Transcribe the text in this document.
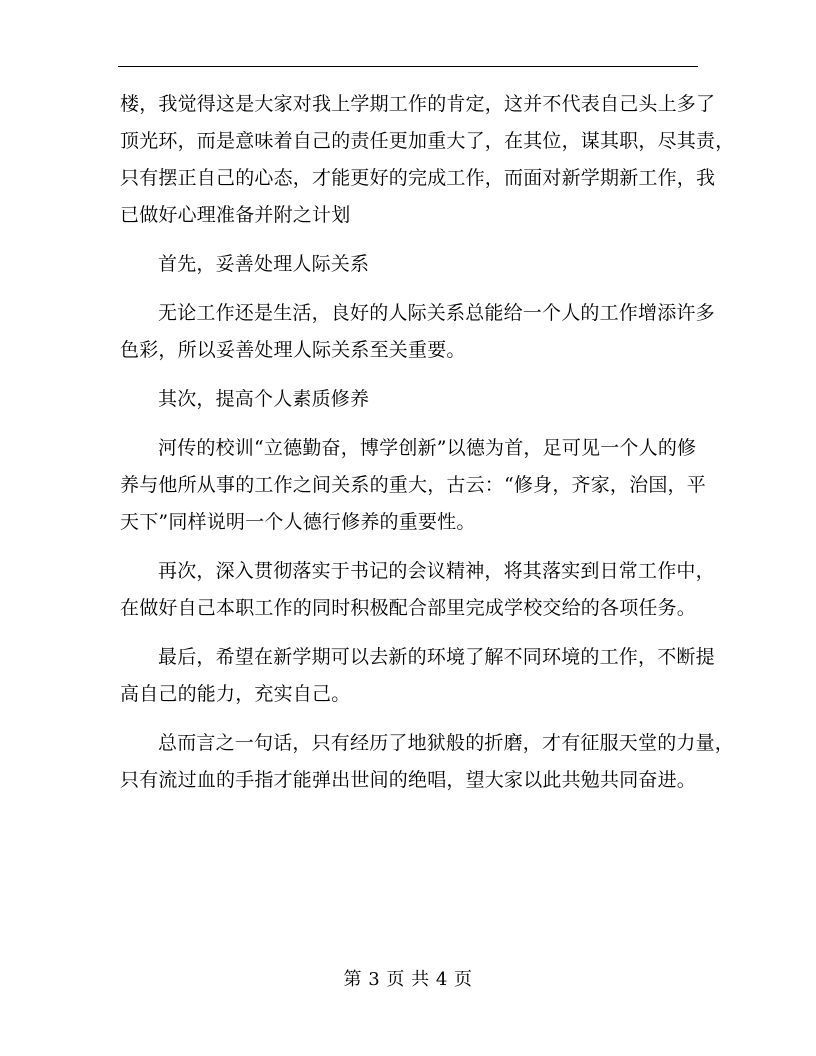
楼，我觉得这是大家对我上学期工作的肯定，这并不代表自己头上多了
顶光环，而是意味着自己的责任更加重大了，在其位，谋其职，尽其责，
只有摆正自己的心态，才能更好的完成工作，而面对新学期新工作，我
已做好心理准备并附之计划
首先，妥善处理人际关系
无论工作还是生活，良好的人际关系总能给一个人的工作增添许多
色彩，所以妥善处理人际关系至关重要。
其次，提高个人素质修养
河传的校训“立德勤奋，博学创新”以德为首，足可见一个人的修
养与他所从事的工作之间关系的重大，古云：“修身，齐家，治国，平
天下”同样说明一个人德行修养的重要性。
再次，深入贯彻落实于书记的会议精神，将其落实到日常工作中，
在做好自己本职工作的同时积极配合部里完成学校交给的各项任务。
最后，希望在新学期可以去新的环境了解不同环境的工作，不断提
高自己的能力，充实自己。
总而言之一句话，只有经历了地狱般的折磨，才有征服天堂的力量，
只有流过血的手指才能弹出世间的绝唱，望大家以此共勉共同奋进。
第 3 页 共 4 页
